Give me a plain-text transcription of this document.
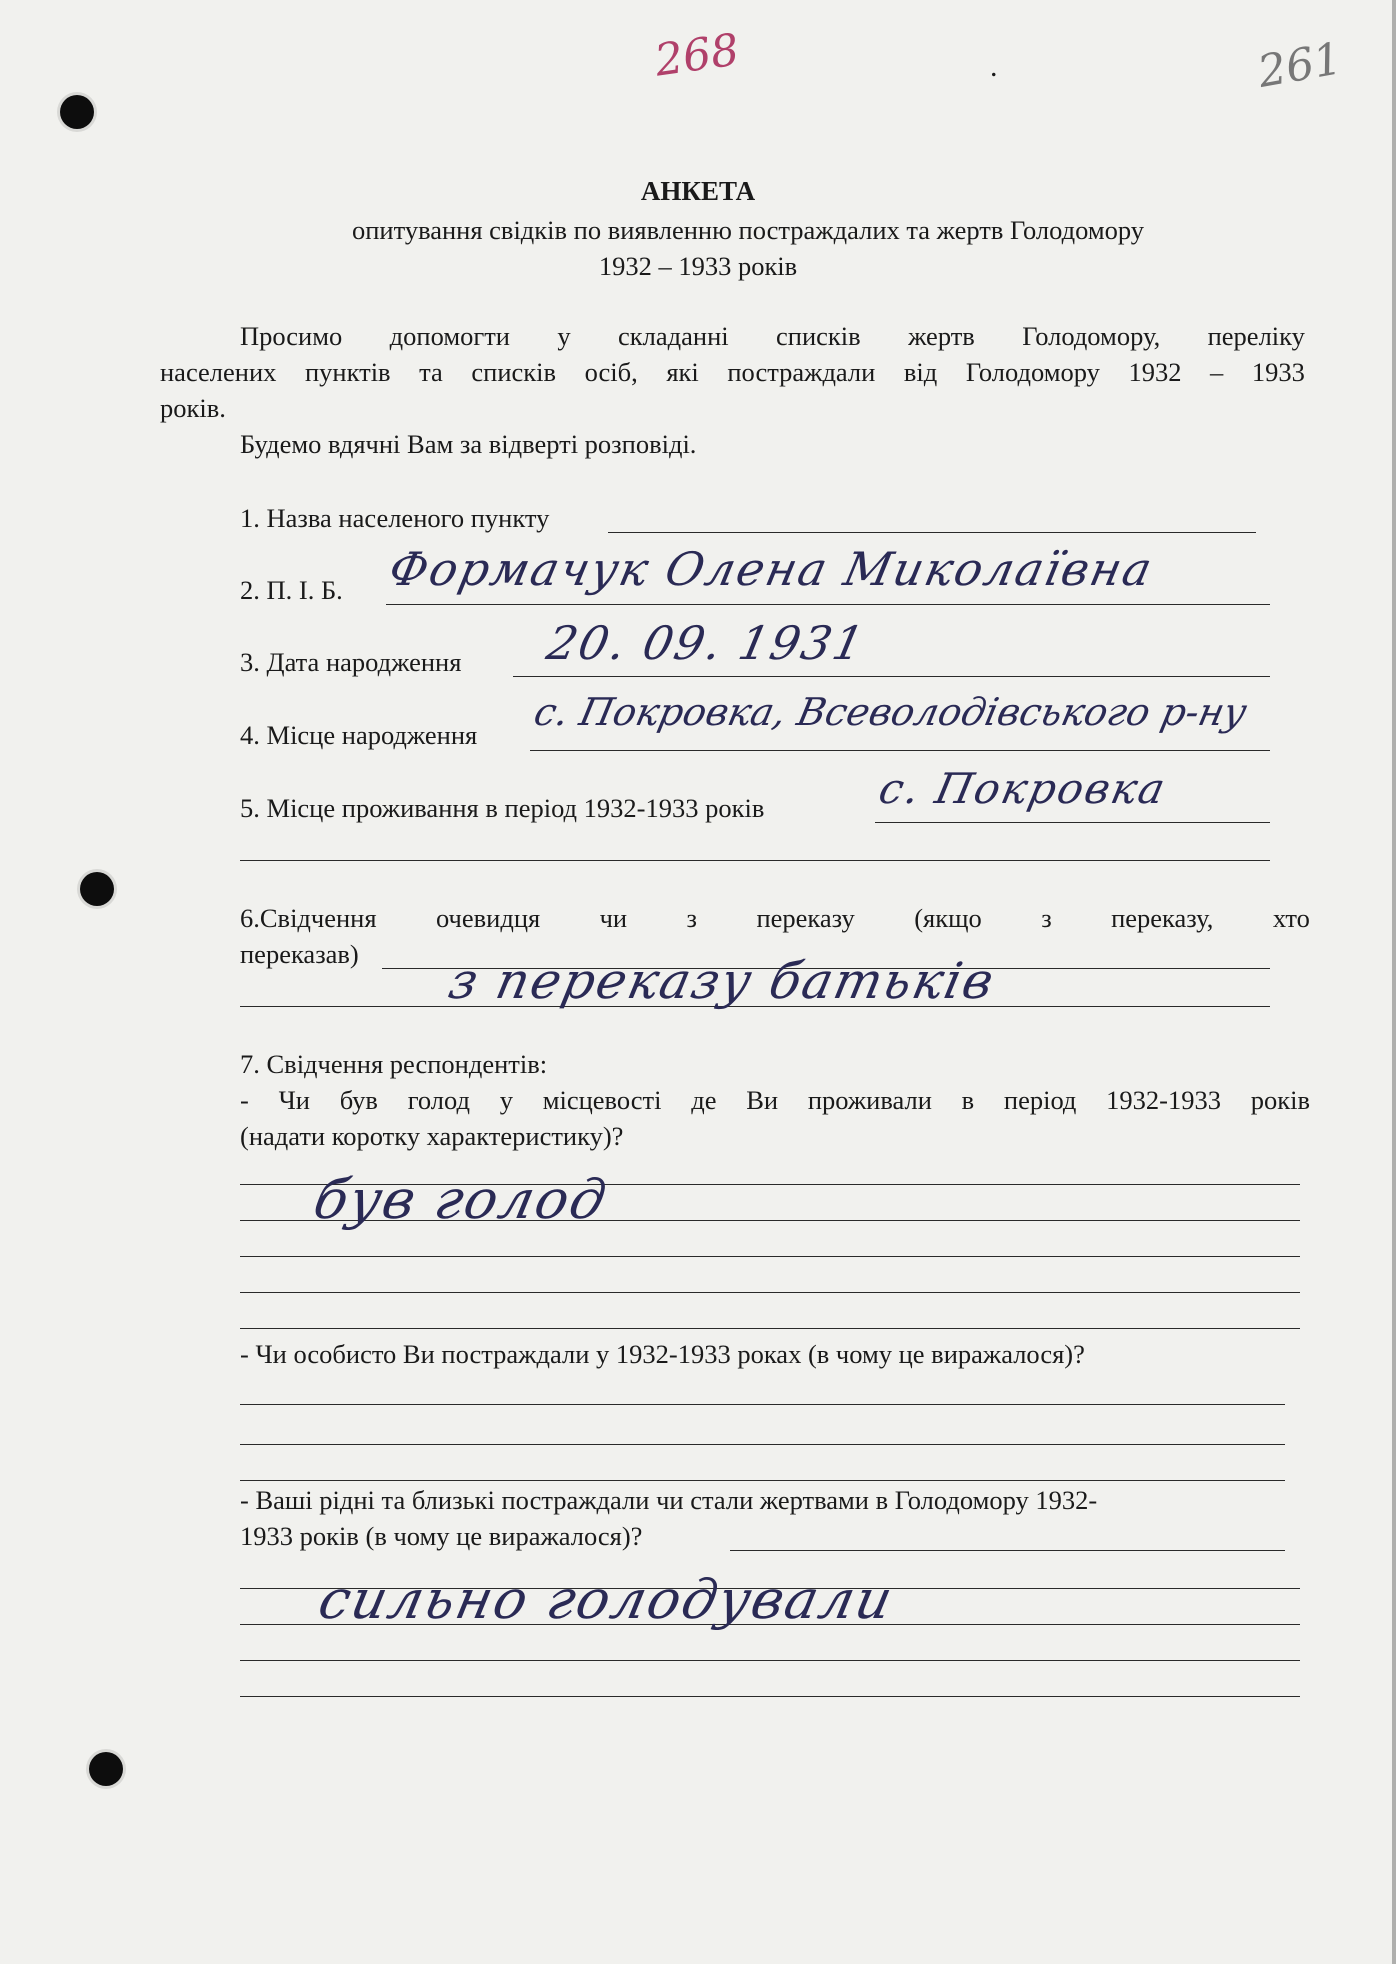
268	261
.
АНКЕТА
опитування свідків по виявленню постраждалих та жертв Голодомору
1932 – 1933 років
Просимо допомогти у складанні списків жертв Голодомору, переліку
населених пунктів та списків осіб, які постраждали від Голодомору 1932 – 1933
років.
Будемо вдячні Вам за відверті розповіді.
1. Назва населеного пункту
2. П. І. Б. Формачук Олена Миколаївна
3. Дата народження 20. 09. 1931
4. Місце народження
с. Покровка, Всеволодівського р-ну
5. Місце проживання в період 1932-1933 років	с. Покровка
6.Свідчення очевидця чи з переказу (якщо з переказу, хто
переказав) з переказу батьків
7. Свідчення респондентів:
- Чи був голод у місцевості де Ви проживали в період 1932-1933 років
(надати коротку характеристику)?
був голод
- Чи особисто Ви постраждали у 1932-1933 роках (в чому це виражалося)?
- Ваші рідні та близькі постраждали чи стали жертвами в Голодомору 1932-
1933 років (в чому це виражалося)?
сильно голодували
